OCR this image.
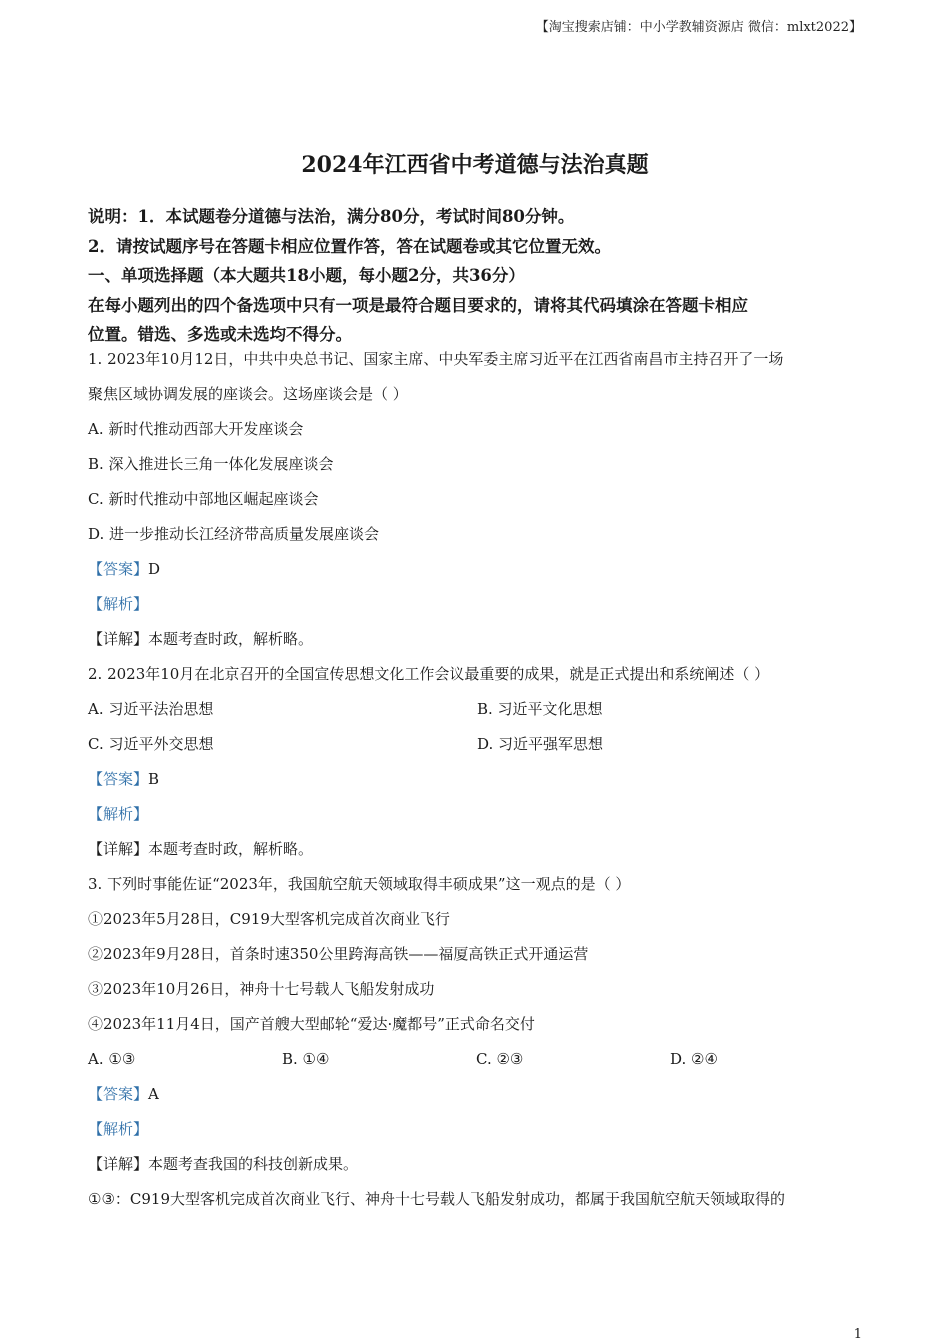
【淘宝搜索店铺：中小学教辅资源店 微信：mlxt2022】
2024年江西省中考道德与法治真题

说明：1．本试题卷分道德与法治，满分80分，考试时间80分钟。

2．请按试题序号在答题卡相应位置作答，答在试题卷或其它位置无效。

一、单项选择题（本大题共18小题，每小题2分，共36分）

在每小题列出的四个备选项中只有一项是最符合题目要求的，请将其代码填涂在答题卡相应

位置。错选、多选或未选均不得分。

1. 2023年10月12日，中共中央总书记、国家主席、中央军委主席习近平在江西省南昌市主持召开了一场

聚焦区域协调发展的座谈会。这场座谈会是（ ）

A. 新时代推动西部大开发座谈会

B. 深入推进长三角一体化发展座谈会

C. 新时代推动中部地区崛起座谈会

D. 进一步推动长江经济带高质量发展座谈会

【答案】D

【解析】

【详解】本题考查时政，解析略。

2. 2023年10月在北京召开的全国宣传思想文化工作会议最重要的成果，就是正式提出和系统阐述（ ）

A. 习近平法治思想	B. 习近平文化思想
C. 习近平外交思想	D. 习近平强军思想

【答案】B

【解析】

【详解】本题考查时政，解析略。

3. 下列时事能佐证“2023年，我国航空航天领域取得丰硕成果”这一观点的是（ ）

①2023年5月28日，C919大型客机完成首次商业飞行

②2023年9月28日，首条时速350公里跨海高铁——福厦高铁正式开通运营

③2023年10月26日，神舟十七号载人飞船发射成功

④2023年11月4日，国产首艘大型邮轮“爱达·魔都号”正式命名交付

A. ①③	B. ①④	C. ②③	D. ②④

【答案】A

【解析】

【详解】本题考查我国的科技创新成果。

①③：C919大型客机完成首次商业飞行、神舟十七号载人飞船发射成功，都属于我国航空航天领域取得的

1
